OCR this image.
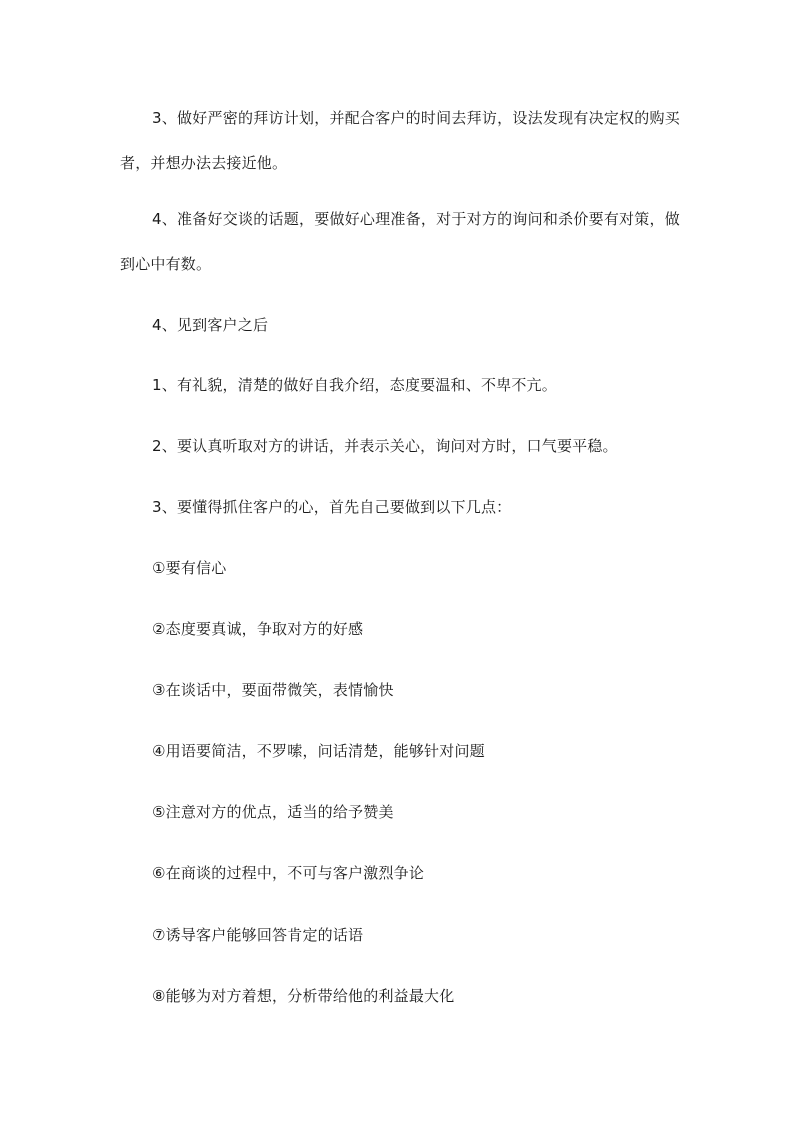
3、做好严密的拜访计划，并配合客户的时间去拜访，设法发现有决定权的购买者，并想办法去接近他。

4、准备好交谈的话题，要做好心理准备，对于对方的询问和杀价要有对策，做到心中有数。

4、见到客户之后

1、有礼貌，清楚的做好自我介绍，态度要温和、不卑不亢。

2、要认真听取对方的讲话，并表示关心，询问对方时，口气要平稳。

3、要懂得抓住客户的心，首先自己要做到以下几点：

①要有信心

②态度要真诚，争取对方的好感

③在谈话中，要面带微笑，表情愉快

④用语要简洁，不罗嗦，问话清楚，能够针对问题

⑤注意对方的优点，适当的给予赞美

⑥在商谈的过程中，不可与客户激烈争论

⑦诱导客户能够回答肯定的话语

⑧能够为对方着想，分析带给他的利益最大化
